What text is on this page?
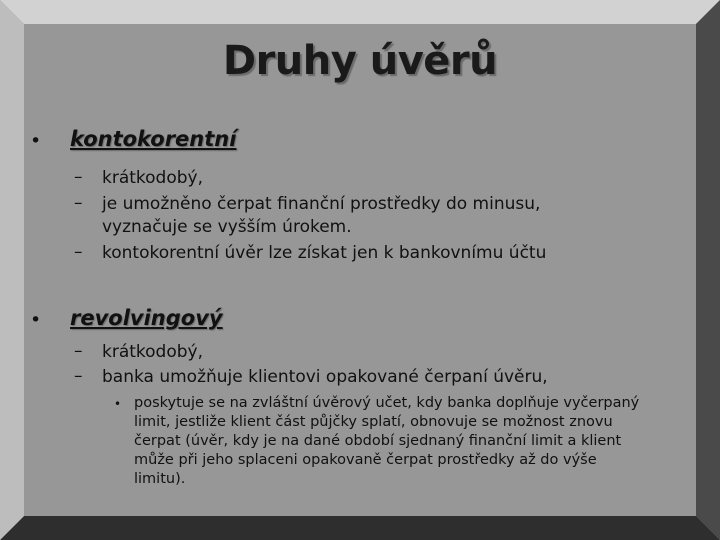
Druhy úvěrů
• kontokorentní
– krátkodobý,
– je umožněno čerpat finanční prostředky do minusu,
vyznačuje se vyšším úrokem.
– kontokorentní úvěr lze získat jen k bankovnímu účtu
• revolvingový
– krátkodobý,
– banka umožňuje klientovi opakované čerpaní úvěru,
• poskytuje se na zvláštní úvěrový učet, kdy banka doplňuje vyčerpaný
limit, jestliže klient část půjčky splatí, obnovuje se možnost znovu
čerpat (úvěr, kdy je na dané období sjednaný finanční limit a klient
může při jeho splaceni opakovaně čerpat prostředky až do výše
limitu).
